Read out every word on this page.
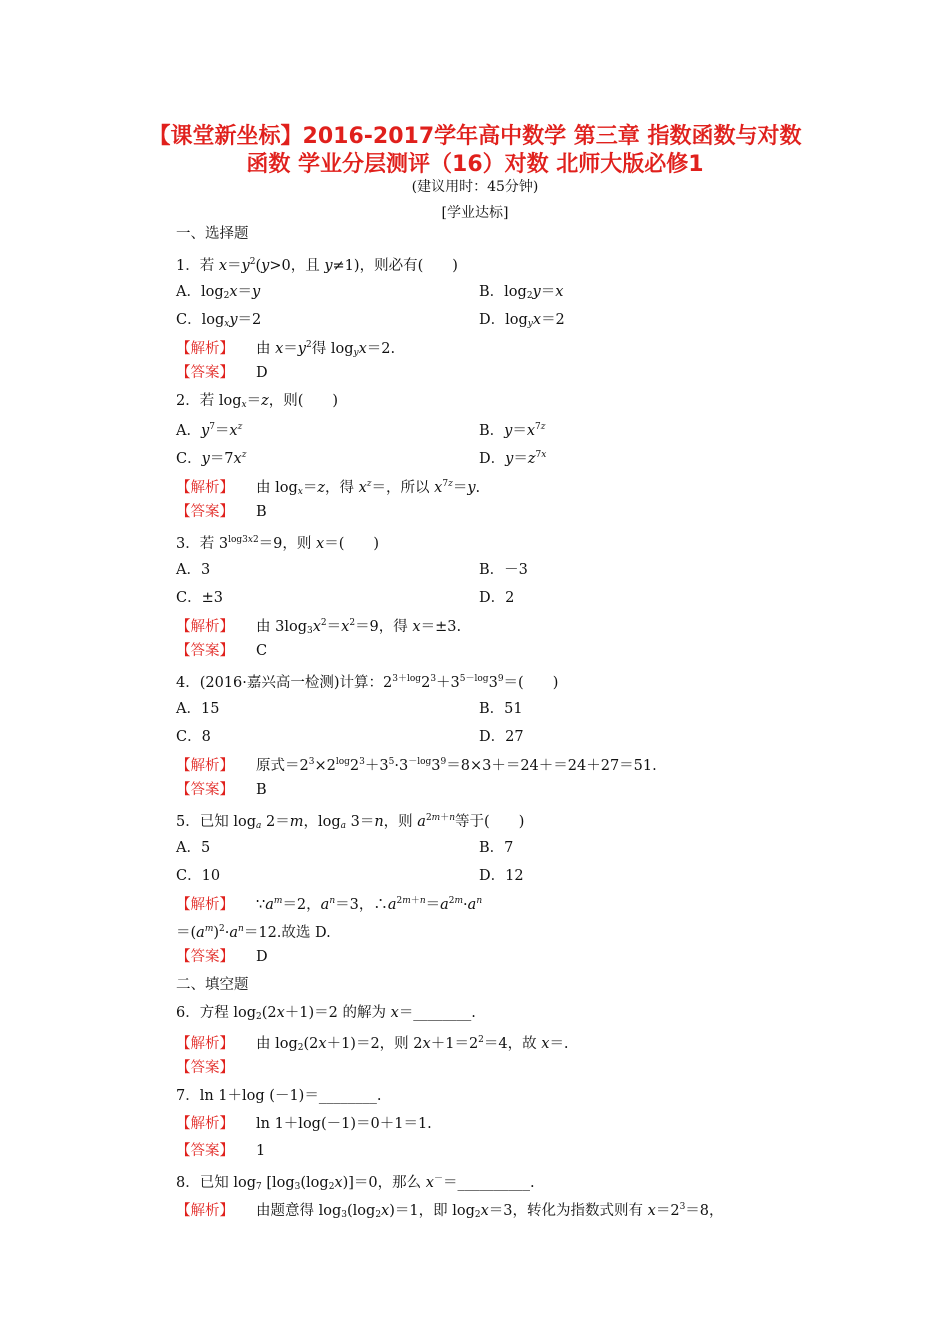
【课堂新坐标】2016-2017学年高中数学 第三章 指数函数与对数
函数 学业分层测评（16）对数 北师大版必修1
(建议用时：45分钟)
[学业达标]
一、选择题
1．若 $x=y^2(y>0$，且 y≠1)，则必有(　　)
A．$\log_2x=y$	B．$\log_2y=x$
C．$\log_xy=2$	D．$\log_yx=2$
【解析】 由 $x=y^2$得 $\log_yx=2$.
【答案】 D
2．若 $\log_x=z$，则(　　)
A．$y^7=x^z$	B．$y=x^{7z}$
C．$y=7x^z$	D．$y=z^{7x}$
【解析】 由 $\log_x=z$，得 $x^z=$，所以 $x^{7z}=y$.
【答案】 B
3．若 $3^{log3x2}=9$，则 x＝(　　)
A．3	B．－3
C．±3	D．2
【解析】 由 $3\log_3x^2=x^2=9$，得 x＝±3.
【答案】 C
4．(2016·嘉兴高一检测)计算：$2^{3+log}2^3+3^{5-log}3^9=$(　　)
A．15	B．51
C．8	D．27
【解析】 原式$=2^3\times 2^{log}2^3+3^5\cdot 3^{-log}3^9=8\times 3+=24+=24+27=51$.
【答案】 B
5．已知 $\log_a 2=m$，$\log_a 3=n$，则 $a^{2m+n}$等于(　　)
A．5	B．7
C．10	D．12
【解析】 $\because a^m=2$，$a^n=3$，$\therefore a^{2m+n}=a^{2m}\cdot a^n$
$=(a^m)^2\cdot a^n=12$.故选 D.
【答案】 D
二、填空题
6．方程 $\log_2(2x+1)=2$ 的解为 x＝________.
【解析】 由 $\log_2(2x+1)=2$，则 $2x+1=2^2=4$，故 x＝.
【答案】
7．ln 1＋log (－1)＝________.
【解析】 ln 1＋log(－1)＝0＋1＝1.
【答案】 1
8．已知 $\log_7 [\log_3(\log_2x)]=0$，那么 x－＝__________.
【解析】 由题意得 $\log_3(\log_2x)=1$，即 $\log_2x=3$，转化为指数式则有 $x=2^3=8$，
